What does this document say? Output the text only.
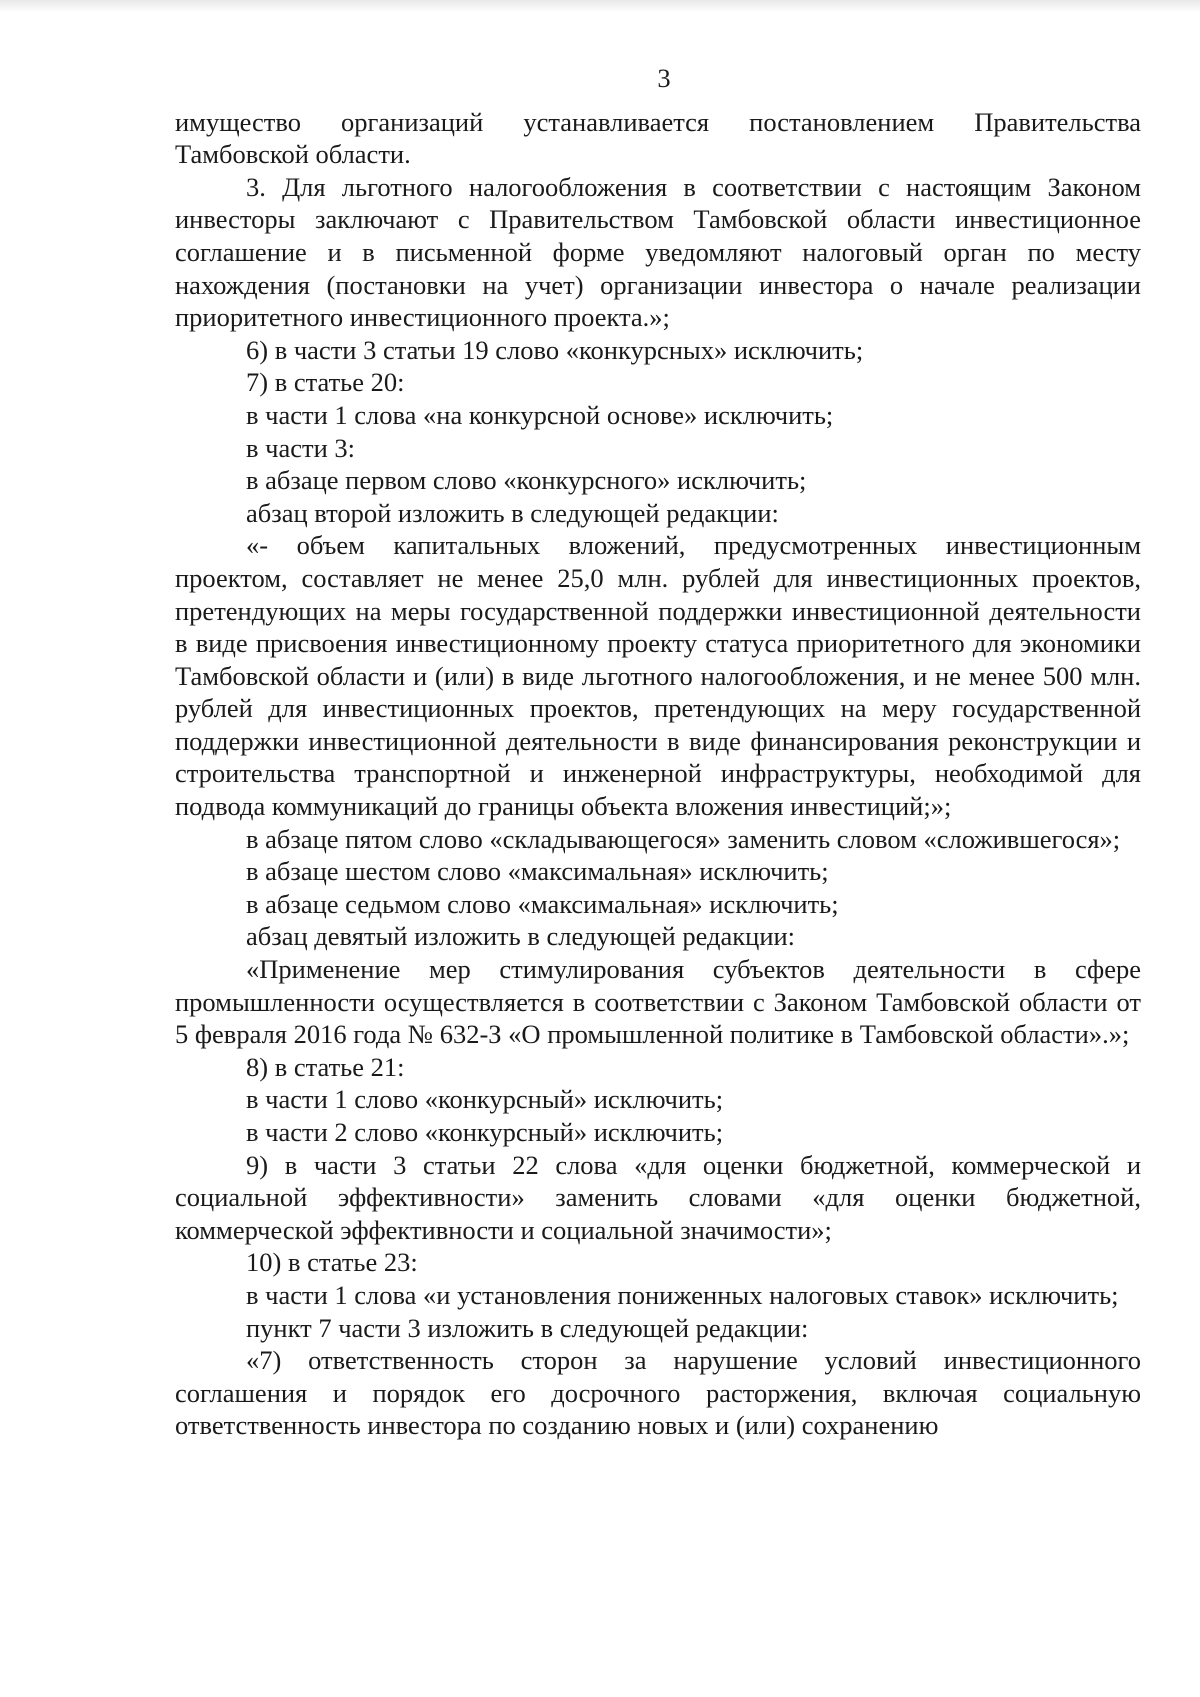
3

имущество организаций устанавливается постановлением Правительства Тамбовской области.

3. Для льготного налогообложения в соответствии с настоящим Законом инвесторы заключают с Правительством Тамбовской области инвестиционное соглашение и в письменной форме уведомляют налоговый орган по месту нахождения (постановки на учет) организации инвестора о начале реализации приоритетного инвестиционного проекта.»;

6) в части 3 статьи 19 слово «конкурсных» исключить;

7) в статье 20:

в части 1 слова «на конкурсной основе» исключить;

в части 3:

в абзаце первом слово «конкурсного» исключить;

абзац второй изложить в следующей редакции:

«- объем капитальных вложений, предусмотренных инвестиционным проектом, составляет не менее 25,0 млн. рублей для инвестиционных проектов, претендующих на меры государственной поддержки инвестиционной деятельности в виде присвоения инвестиционному проекту статуса приоритетного для экономики Тамбовской области и (или) в виде льготного налогообложения, и не менее 500 млн. рублей для инвестиционных проектов, претендующих на меру государственной поддержки инвестиционной деятельности в виде финансирования реконструкции и строительства транспортной и инженерной инфраструктуры, необходимой для подвода коммуникаций до границы объекта вложения инвестиций;»;

в абзаце пятом слово «складывающегося» заменить словом «сложившегося»;

в абзаце шестом слово «максимальная» исключить;

в абзаце седьмом слово «максимальная» исключить;

абзац девятый изложить в следующей редакции:

«Применение мер стимулирования субъектов деятельности в сфере промышленности осуществляется в соответствии с Законом Тамбовской области от 5 февраля 2016 года № 632-З «О промышленной политике в Тамбовской области».»;

8) в статье 21:

в части 1 слово «конкурсный» исключить;

в части 2 слово «конкурсный» исключить;

9) в части 3 статьи 22 слова «для оценки бюджетной, коммерческой и социальной эффективности» заменить словами «для оценки бюджетной, коммерческой эффективности и социальной значимости»;

10) в статье 23:

в части 1 слова «и установления пониженных налоговых ставок» исключить;

пункт 7 части 3 изложить в следующей редакции:

«7) ответственность сторон за нарушение условий инвестиционного соглашения и порядок его досрочного расторжения, включая социальную ответственность инвестора по созданию новых и (или) сохранению
